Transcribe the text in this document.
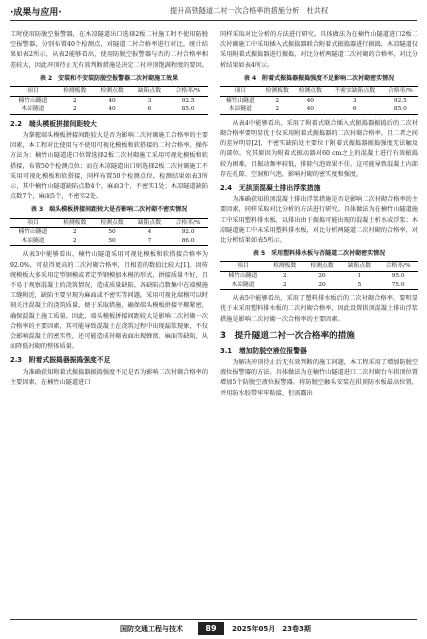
·成果与应用·	提升高铁隧道二衬一次合格率的措施分析　杜共权

工时使用防脱空报警器，在木凉隧道出口选择2板二衬施工时不使用防脱空报警器，分别布置40个检测点，对隧道二衬合格率进行对比。统计结果如表2所示，从表2能够看出，使用防脱空报警器与否的二衬合格率相差较大，因此冲顶待止无有效判断措施是决定二衬冲顶饱满程度的要因。

表 2　安装和不安装防脱空报警器二次衬砌施工效果
项目	检测板数	检测点数	缺陷点数	合格率/%
楠竹山隧道	2	40	3	92.5
木凉隧道	2	40	6	85.0
2.2　端头模板拼接间距较大

为掌握端头模板拼接间距较大是否为影响二次衬砌施工合格率的主要因素，本工程对比使用与不使用可视化模板和软搭接的二衬合格率。操作方法为：楠竹山隧道进口位置选择2板二次衬砌施工采用可视化模板和软搭接，布置50个检测点位；而在木凉隧道出口则选择2板二次衬砌施工不采用可视化模板和软搭接，同样布置50个检测点位。检测结果如表3所示，其中楠竹山隧道缺陷点数4个，麻面3个，不密实1处；木凉隧道缺陷点数7个，麻面5个，不密实2处。

表 3　端头模板拼接间距较大是否影响二次衬砌不密实情况
项目	检测板数	检测点数	缺陷点数	合格率/%
楠竹山隧道	2	50	4	92.0
木凉隧道	2	50	7	86.0

从表3中能够看出，楠竹山隧道采用可视化模板和软搭接合格率为92.0%，可获得更高的二次衬砌合格率，且相差的数值比较大[1]。因传统模板大多采用定型钢模或者定型钢模加木模的形式，拼接质量不好，且不易于观察混凝土的浇筑情况，造成质量缺陷。各缺陷点数集中在端模施工缝附近，缺陷主要呈现为麻面或不密实等问题。采用可视化端模可以时刻关注混凝土的浇筑质量，便于采取措施，确保端头模板拼接平顺紧密，确保混凝土施工质量。因此，端头模板拼接间距较大是影响二次衬砌一次合格率的主要因素，其可能导致混凝土在浇筑过程中出现漏浆现象，不仅会影响混凝土的密实性，还可能造成衬砌表面出现蜂窝、麻面等缺陷，从而降低衬砌的整体质量。

2.3　附着式振捣器振捣强度不足

为准确获知附着式振捣器振捣强度不足是否为影响二次衬砌合格率的主要因素，在楠竹山隧道进口

同样采取对比分析的方法进行研究。具体做法为在楠竹山隧道进口2板二次衬砌施工中采用插入式振捣器联合附着式振捣器进行振捣，木凉隧道仅采用附着式振捣器进行振捣，对比分析两隧道二次衬砌的合格率，对比分析结果如表4所示。

表 4　附着式振捣器振捣强度不足影响二次衬砌密实情况
项目	检测板数	检测点数	不密实缺陷点数	合格率/%
楠竹山隧道	2	40	3	92.5
木凉隧道	2	40	6	85.0

从表4中能够看出，采用了附着式联合插入式振捣器振捣后的二次衬砌合格率要明显优于仅采用附着式振捣器的二次衬砌合格率，且二者之间的差异明显[2]，不密实缺陷处主要位于附着式振捣器振捣强度无法触及的部位。究其原因为附着式振动器对60 cm之上的混凝土进行有效振捣较为困难，且振动频率较低，排除气泡效果不佳。这可能导致混凝土内部存在孔隙、空洞和气泡，影响衬砌的密实度和强度。

2.4　无拱顶混凝土排出浮浆措施

为准确获知拱顶混凝土排出浮浆措施是否是影响二次衬砌合格率的主要因素，同样采取对比分析的方法进行研究。具体做法为在楠竹山隧道施工中采用塑料排水板，以排出由于振捣可能出现的混凝土析水或浮浆；木凉隧道施工中未采用塑料排水板，对比分析两隧道二次衬砌的合格率，对比分析结果如表5所示。

表 5　采用塑料排水板与否隧道二次衬砌密实情况
项目	检测板数	检测点数	缺陷点数	合格率/%
楠竹山隧道	2	20	1	95.0
木凉隧道	2	20	5	75.0

从表5中能够看出，采用了塑料排水板后的二次衬砌合格率，要明显优于未采用塑料排水板的二次衬砌合格率，因此设置拱顶混凝土排出浮浆措施是影响二次衬砌一次合格率的主要因素。

3　提升隧道二衬一次合格率的措施
3.1　增加防脱空液位报警器

为解决冲顶待止后无有效判断的施工问题，本工程采用了增加防脱空液位报警器的方法。具体做法为在楠竹山隧道进口二次衬砌台车拱顶位置增加5个防脱空液位报警器，将防脱空触头安装在拱顶防水板最高位置，并用防水胶带牢牢粘接，但需露出

国防交通工程与技术	89	2025年05月　23卷3期
